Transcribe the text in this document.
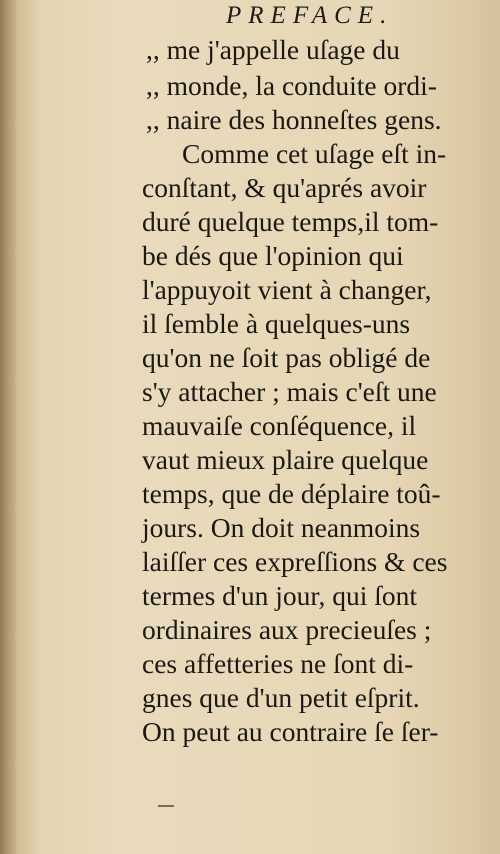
PREFACE.
,, me j'appelle uſage du
,, monde, la conduite ordi-
,, naire des honneſtes gens.
Comme cet uſage eſt in-
conſtant, & qu'aprés avoir
duré quelque temps,il tom-
be dés que l'opinion qui
l'appuyoit vient à changer,
il ſemble à quelques-uns
qu'on ne ſoit pas obligé de
s'y attacher ; mais c'eſt une
mauvaiſe conſéquence, il
vaut mieux plaire quelque
temps, que de déplaire toû-
jours. On doit neanmoins
laiſſer ces expreſſions & ces
termes d'un jour, qui ſont
ordinaires aux precieuſes ;
ces affetteries ne ſont di-
gnes que d'un petit eſprit.
On peut au contraire ſe ſer-
